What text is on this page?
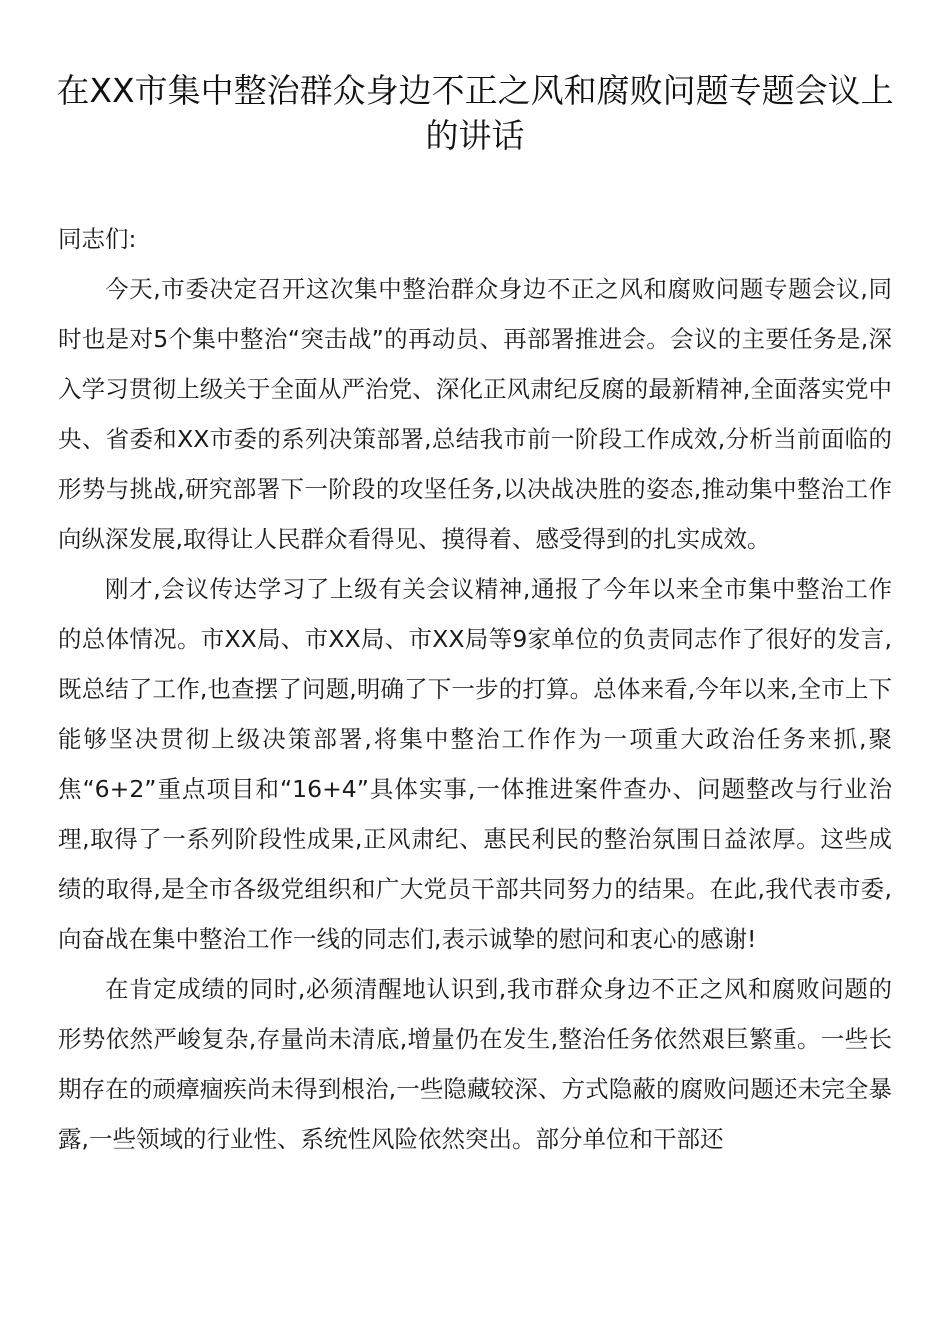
在XX市集中整治群众身边不正之风和腐败问题专题会议上的讲话

同志们:

今天,市委决定召开这次集中整治群众身边不正之风和腐败问题专题会议,同时也是对5个集中整治“突击战”的再动员、再部署推进会。会议的主要任务是,深入学习贯彻上级关于全面从严治党、深化正风肃纪反腐的最新精神,全面落实党中央、省委和XX市委的系列决策部署,总结我市前一阶段工作成效,分析当前面临的形势与挑战,研究部署下一阶段的攻坚任务,以决战决胜的姿态,推动集中整治工作向纵深发展,取得让人民群众看得见、摸得着、感受得到的扎实成效。

刚才,会议传达学习了上级有关会议精神,通报了今年以来全市集中整治工作的总体情况。市XX局、市XX局、市XX局等9家单位的负责同志作了很好的发言,既总结了工作,也查摆了问题,明确了下一步的打算。总体来看,今年以来,全市上下能够坚决贯彻上级决策部署,将集中整治工作作为一项重大政治任务来抓,聚焦“6+2”重点项目和“16+4”具体实事,一体推进案件查办、问题整改与行业治理,取得了一系列阶段性成果,正风肃纪、惠民利民的整治氛围日益浓厚。这些成绩的取得,是全市各级党组织和广大党员干部共同努力的结果。在此,我代表市委,向奋战在集中整治工作一线的同志们,表示诚挚的慰问和衷心的感谢!

在肯定成绩的同时,必须清醒地认识到,我市群众身边不正之风和腐败问题的形势依然严峻复杂,存量尚未清底,增量仍在发生,整治任务依然艰巨繁重。一些长期存在的顽瘴痼疾尚未得到根治,一些隐藏较深、方式隐蔽的腐败问题还未完全暴露,一些领域的行业性、系统性风险依然突出。部分单位和干部还
